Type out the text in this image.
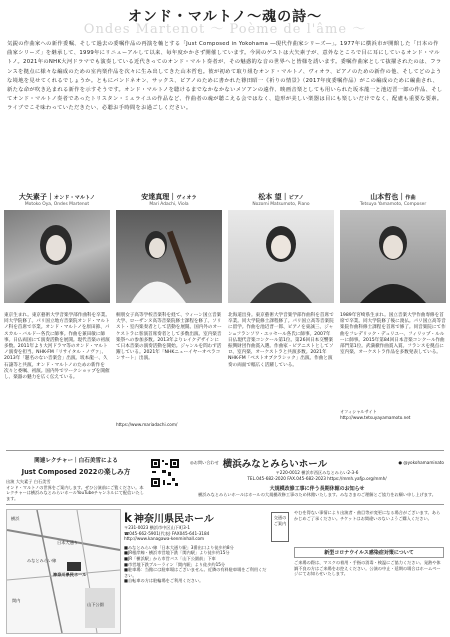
Ondes Martenot ～ Poème de l'âme ～
オンド・マルトノ〜魂の詩〜
気鋭の作曲家への新作委嘱、そして過去の委嘱作品の再演を軸とする「Just Composed in Yokohama ―現代作曲家シリーズ―」。1977年に横浜市が開館した「日本の作曲家シリーズ」を継承して、1999年にリニューアルして以来、毎年度かかさず開催しています。今回のゲストは大矢素子が、意外なところで目に耳にしているオンド・マルトノ。2021年のNHK大河ドラマでも演奏している近代きってのオンド・マルト奏者が、その魅惑的な音の世界へと皆様を誘います。委嘱作曲家として抜擢されたのは、フランスを拠点に様々な編成のための室内楽作品を次々に生み出してきた山本哲也。彼が初めて取り組むオンド・マルトノ、ヴィオラ、ピアノのための新作の他、そしてどのような境地を見せてくれるでしょうか。ともにバンドネオン、サックス、ピアノのために書かれた篠田昭一《祈りの情景》（2017年度委嘱作品）がこの編成のために編曲され、新たな命が吹き込まれる新作を示すそうです。オンド・マルトノを聴けるまでなかなかないメソアンの遠作、映画音楽としても用いられた坂本龍一と池辺晋一郎の作品、そしてオンド・マルトノ奏者であったトリスタン・ミュライユの作品など、作曲者の魂が聴こえる会ではなく、造形が美しい楽器は目にも楽しいだけでなく、配慮も重要な要素。ライブでこそ味わっていただきたい、必聴お手時間をお過ごしください。
大矢素子｜オンド・マルトノ
Motoko Oya, Ondes Martenot
東京生まれ。東京藝術大学音楽学部作曲科を卒業。同大学院修了。パリ国立地方音楽院オンド・マルトノ科を首席で卒業。オンド・マルトノを原田節、パスカル・バルドー各氏に師事。作曲を兼田敏に師事。日仏両国にて演奏活動を展開。現代音楽の初演多数。2011年より大河ドラマ等のオンド・マルトノ演奏を担当。NHK-FM「リサイタル・ノヴァ」、2013年「題名のない音楽会」出演。坂本龍一、久石譲等と共演。オンド・マルトノのための新作を次々と委嘱、初演。国内外でワークショップを開催し、楽器の魅力を広く伝えている。
安達真理｜ヴィオラ
Mari Adachi, Viola
桐朋女子高等学校音楽科を経て、ウィーン国立音楽大学、ローザンヌ高等音楽院修士課程を修了。ソリスト・室内楽奏者として活動を展開。国内外のオーケストラに客演首席奏者として多数出演。室内楽音楽祭への参加多数。2013年よりレイクデザインにて日本音楽の演奏活動を開始。ジャンルを問わず活躍している。2021年「NHKニューイヤーオペラコンサート」出演。
https://www.mariadachi.com/
松本 望｜ピアノ
Nozomi Matsumoto, Piano
北海道出身。東京藝術大学音楽学部作曲科を首席で卒業。同大学院修士課程修了。パリ国立高等音楽院に留学。作曲を池辺晋一郎、ピアノを東誠三、ジャン=フランソワ・エッセール各氏に師事。2007年日仏現代音楽コンクール第1位。第26回日本交響楽振興財団作曲賞入選。作曲家・ピアニストとしてソロ、室内楽、オーケストラと共演多数。2021年NHK-FM「ベストオブクラシック」出演。作曲と演奏の両面で幅広く活躍している。
山本哲也｜作曲
Tetsuya Yamamoto, Composer
1989年宮崎県生まれ。国立音楽大学作曲専修を首席で卒業。同大学院修了後に渡仏。パリ国立高等音楽院作曲科修士課程を首席で修了。同音楽院にて作曲をフレデリック・デュリユー、フィリップ・ルルーに師事。2015年第84回日本音楽コンクール作曲部門第1位。武満徹作曲賞入賞。フランスを拠点に室内楽、オーケストラ作品を多数発表している。
オフィシャルサイト
http://www.tetsuyayamamoto.net
関連レクチャー｜白石美雪による
Just Composed 2022の楽しみ方
出演 大矢素子 白石美雪
オンド・マルトノの世界をご案内します。ぜひ公演前にご覧ください。本レクチャーは横浜みなとみらいホールYouTubeチャンネルにて配信いたします。
◎お問い合わせ 横浜みなとみらいホール	● @yokohamaminato
〒220-0012 横浜市西区みなとみらい2-3-6
TEL.045-682-2020 FAX.045-682-2023 https://mmh.yafjp.org/mmh/
大規模改修工事に伴う長期休館のお知らせ
横浜みなとみらいホールはホールの大規模改修工事のため休館いたします。みなさまのご理解とご協力をお願い申し上げます。
横浜
関内
日本大通り
山下公園
みなとみらい線
神奈川県民ホール
k 神奈川県民ホール
〒231-0023 横浜市中区山下町3-1
☎045-662-5901(代表) FAX045-641-3184
http://www.kanagawa-kenminhall.com
■みなとみらい線「日本大通り駅」3番出口より徒歩約8分
■JR根岸線・横浜市営地下鉄「関内駅」より徒歩約15分
■JR「横浜駅」から市営バス「山下公園前」下車
■市営地下鉄ブルーライン「関内駅」より徒歩約15分
■駐車場：当館には駐車場はございません。近隣の有料駐車場をご利用ください。
■自転車の方は駐輪場をご利用ください。
交通のご案内
やむを得ない事情により出演者・曲目等が変更になる場合がございます。あらかじめご了承ください。チケットはお間違いのないようご購入ください。
新型コロナウイルス感染症対策について
ご来場の際は、マスクの着用・手指の消毒・検温にご協力ください。発熱や体調不良の方はご来場をお控えください。公演の中止・延期の場合はホームページにてお知らせいたします。
